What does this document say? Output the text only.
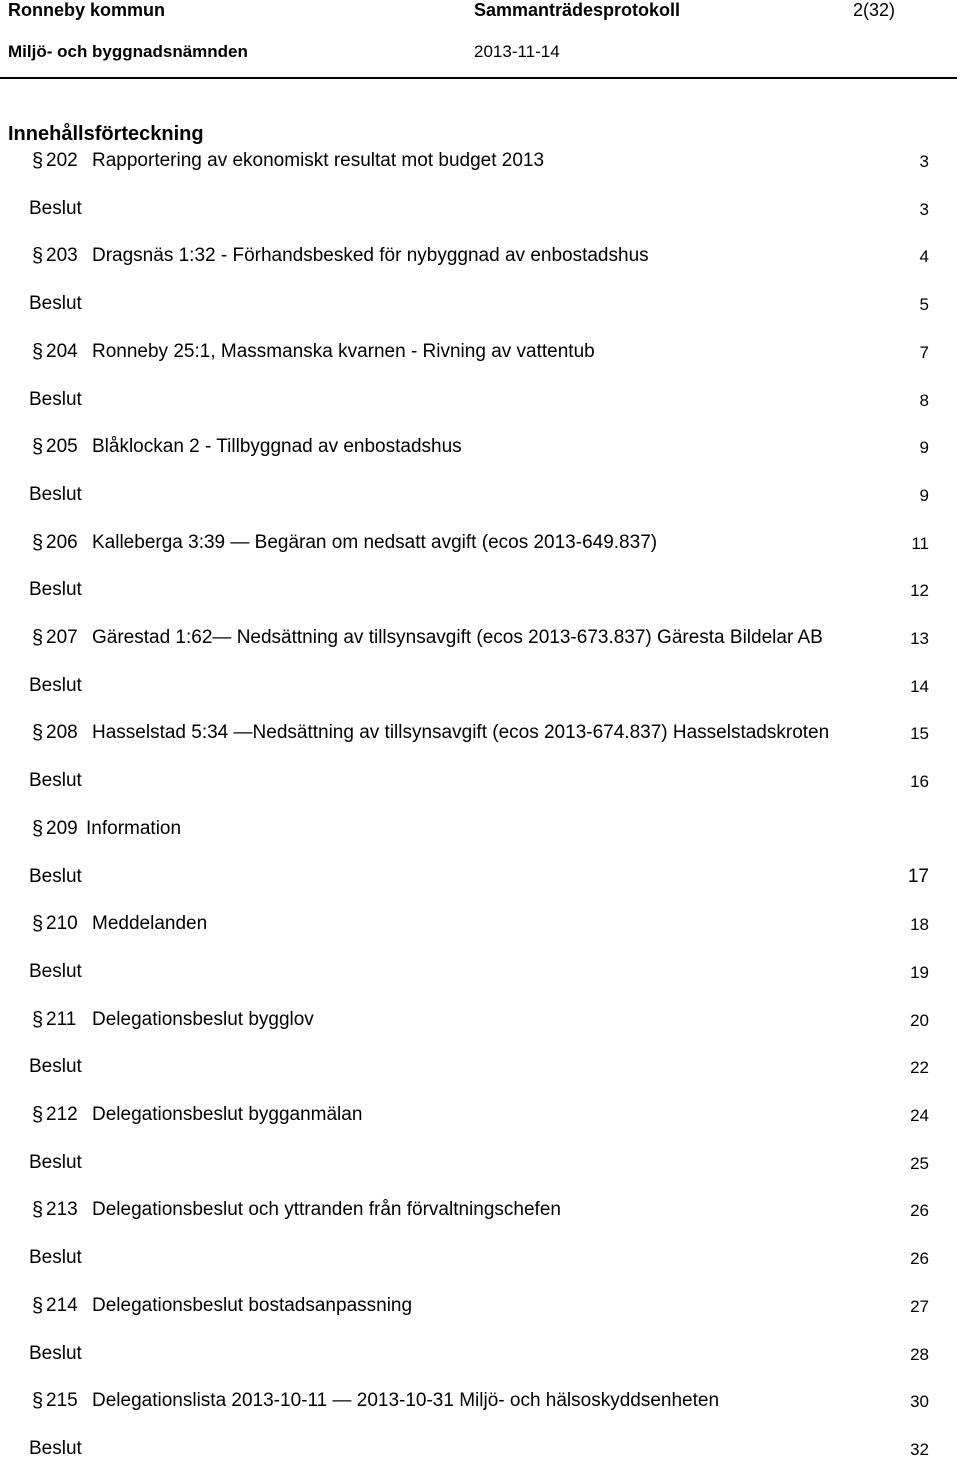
Ronneby kommun	Sammanträdesprotokoll	2(32)
Miljö- och byggnadsnämnden	2013-11-14
Innehållsförteckning
§ 202 Rapportering av ekonomiskt resultat mot budget 2013	3
Beslut	3
§ 203 Dragsnäs 1:32 - Förhandsbesked för nybyggnad av enbostadshus	4
Beslut	5
§ 204 Ronneby 25:1, Massmanska kvarnen - Rivning av vattentub	7
Beslut	8
§ 205 Blåklockan 2 - Tillbyggnad av enbostadshus	9
Beslut	9
§ 206 Kalleberga 3:39 — Begäran om nedsatt avgift (ecos 2013-649.837)	11
Beslut	12
§ 207 Gärestad 1:62— Nedsättning av tillsynsavgift (ecos 2013-673.837) Gäresta Bildelar AB	13
Beslut	14
§ 208 Hasselstad 5:34 —Nedsättning av tillsynsavgift (ecos 2013-674.837) Hasselstadskroten	15
Beslut	16
§ 209 Information
Beslut	17
§ 210 Meddelanden	18
Beslut	19
§ 211 Delegationsbeslut bygglov	20
Beslut	22
§ 212 Delegationsbeslut bygganmälan	24
Beslut	25
§ 213 Delegationsbeslut och yttranden från förvaltningschefen	26
Beslut	26
§ 214 Delegationsbeslut bostadsanpassning	27
Beslut	28
§ 215 Delegationslista 2013-10-11 — 2013-10-31 Miljö- och hälsoskyddsenheten	30
Beslut	32
